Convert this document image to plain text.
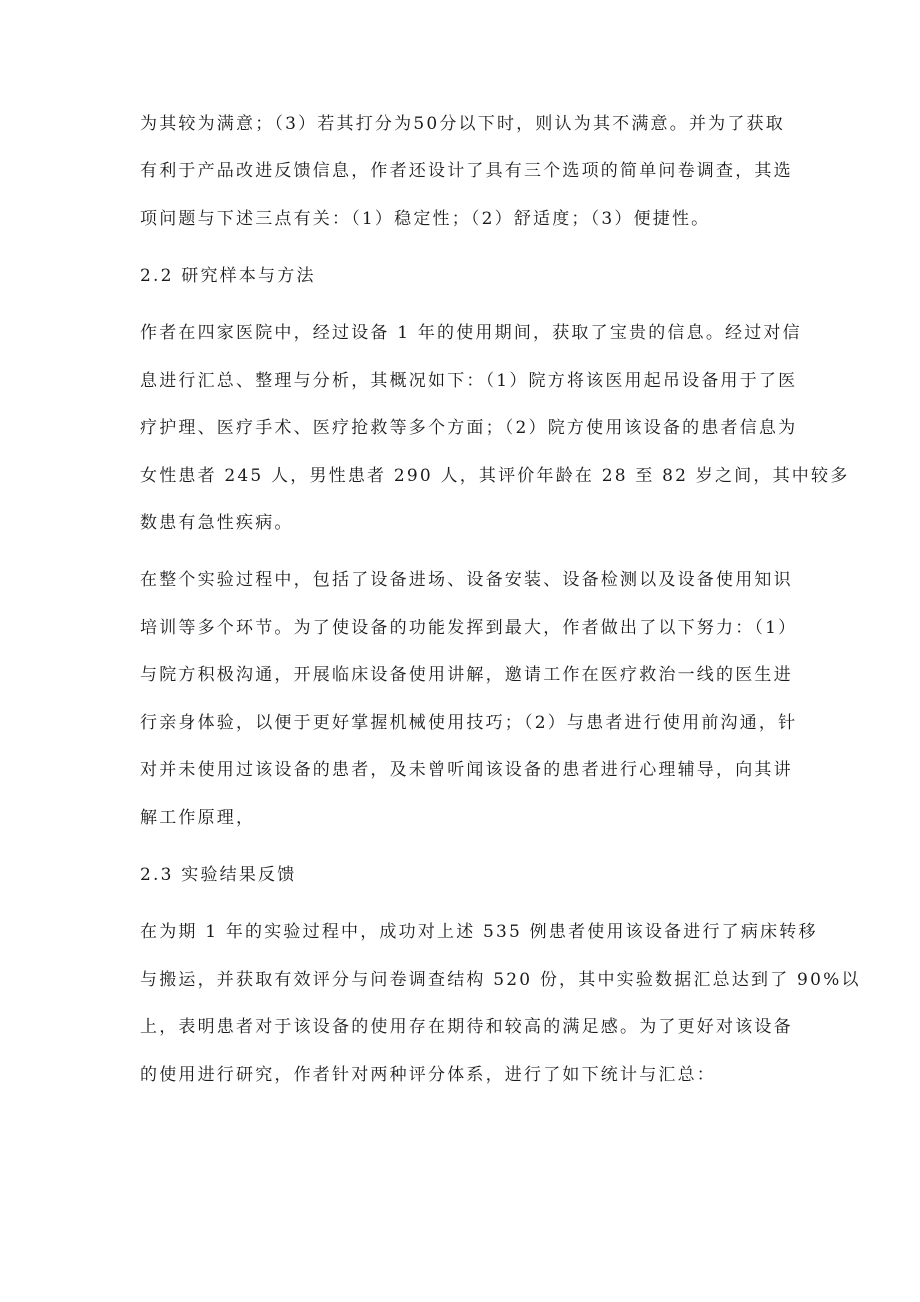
为其较为满意；（3）若其打分为50分以下时，则认为其不满意。并为了获取
有利于产品改进反馈信息，作者还设计了具有三个选项的简单问卷调查，其选
项问题与下述三点有关：（1）稳定性；（2）舒适度；（3）便捷性。
2.2 研究样本与方法
作者在四家医院中，经过设备 1 年的使用期间，获取了宝贵的信息。经过对信
息进行汇总、整理与分析，其概况如下：（1）院方将该医用起吊设备用于了医
疗护理、医疗手术、医疗抢救等多个方面；（2）院方使用该设备的患者信息为
女性患者 245 人，男性患者 290 人，其评价年龄在 28 至 82 岁之间，其中较多
数患有急性疾病。
在整个实验过程中，包括了设备进场、设备安装、设备检测以及设备使用知识
培训等多个环节。为了使设备的功能发挥到最大，作者做出了以下努力：（1）
与院方积极沟通，开展临床设备使用讲解，邀请工作在医疗救治一线的医生进
行亲身体验，以便于更好掌握机械使用技巧；（2）与患者进行使用前沟通，针
对并未使用过该设备的患者，及未曾听闻该设备的患者进行心理辅导，向其讲
解工作原理，
2.3 实验结果反馈
在为期 1 年的实验过程中，成功对上述 535 例患者使用该设备进行了病床转移
与搬运，并获取有效评分与问卷调查结构 520 份，其中实验数据汇总达到了 90%以
上，表明患者对于该设备的使用存在期待和较高的满足感。为了更好对该设备
的使用进行研究，作者针对两种评分体系，进行了如下统计与汇总：
